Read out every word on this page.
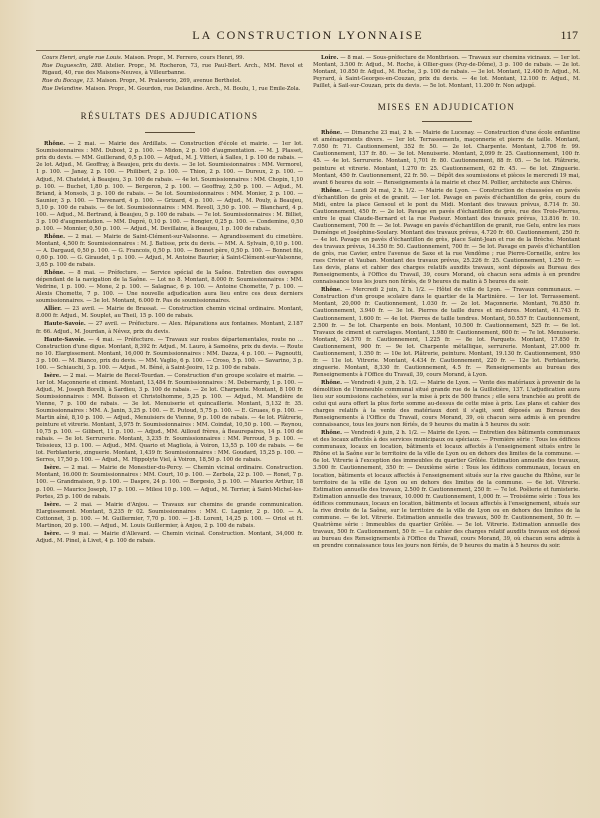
LA CONSTRUCTION LYONNAISE	117

Cours Henri, angle rue Louis. Maison. Propr., M. Ferrero, cours Henri, 99.

Rue Duguesclin, 288. Atelier. Propr., M. Rocheron, 73, rue Paul-Bert. Arch., MM. Revol et Rigaud, 40, rue des Maisons-Neuves, à Villeurbanne.

Rue du Bocage, 13. Maison. Propr., M. Pralavorio, 269, avenue Berthelot.

Rue Delandine. Maison. Propr., M. Gourdon, rue Delandine. Arch., M. Boulu, 1, rue Emile-Zola.

RÉSULTATS DES ADJUDICATIONS

Rhône. — 2 mai. — Mairie des Ardillats. — Construction d'école et mairie. — 1er lot. Soumissionnaires : MM. Dubost, 2 p. 100. — Midon, 2 p. 100 d'augmentation. — M. J. Plasset, prix du devis. — MM. Guillerand, 0,5 p.100. — Adjud., M. J. Vitteri, à Salles, 1 p. 100 de rabais. — 2e lot. Adjud., M. Geoffray, à Beaujeu, prix du devis. — 3e lot. Soumissionnaires : MM. Vermorel, 1 p. 100. — Janay, 2 p. 100. — Philibert, 2 p. 100. — Thion, 2 p. 100. — Dureux, 2 p. 100. — Adjud., M. Chatelet, à Beaujeu, 3 p. 100 de rabais. — 4e lot. Soumissionnaires : MM. Chopin, 1,10 p. 100. — Buchet, 1,80 p. 100. — Bergeron, 2 p. 100. — Geoffray, 2,50 p. 100. — Adjud., M. Briand, à Monsols, 3 p. 100 de rabais. — 5e lot. Soumissionnaires : MM. Monier, 2 p. 100. — Saunier, 3 p. 100. — Thevenard, 4 p. 100. — Grizard, 4 p. 100. — Adjud., M. Pouly, à Beaujeu, 5,10 p. 100 de rabais. — 6e lot. Soumissionnaires : MM. Revoll, 3,50 p. 100. — Blanchard, 4 p. 100. — Adjud., M. Bertrand, à Beaujeu, 5 p. 100 de rabais. — 7e lot. Soumissionnaires : M. Billiet, 3 p. 100 d'augmentation. — MM. Dupré, 0,10 p. 100. — Rongier, 0,25 p. 100. — Condemine, 0,50 p. 100. — Monnier, 0,50 p. 100. — Adjud., M. Devillaine, à Beaujeu, 1 p. 100 de rabais.

Rhône. — 2 mai. — Mairie de Saint-Clément-sur-Valsonne. — Agrandissement du cimetière. Montant, 4,500 fr. Soumissionnaires : M. J. Batisse, prix du devis. — MM. A. Sylvain, 0,10 p. 100. — A. Dargaud, 0,50 p. 100. — G. Francois, 0,50 p. 100. — Bonnet père, 0,50 p. 100. — Bonnet fils, 0,60 p. 100. — G. Giraudet, 1 p. 100. — Adjud., M. Antoine Baurier, à Saint-Clément-sur-Valsonne, 3,65 p. 100 de rabais.

Rhône. — 8 mai. — Préfecture. — Service spécial de la Saône. Entretien des ouvrages dépendant de la navigation de la Saône. — Lot no 8. Montant, 8.000 fr. Soumissionnaires : MM. Vedrine, 1 p. 100. — Mone, 2 p. 100. — Salagnac, 6 p. 100. — Antoine Chomette, 7 p. 100. — Alexis Chomette, 7 p. 100. — Une nouvelle adjudication aura lieu entre ces deux derniers soumissionnaires. — 3e lot. Montant, 6.000 fr. Pas de soumissionnaires.

Allier. — 23 avril. — Mairie de Brassat. — Construction chemin vicinal ordinaire. Montant, 8.000 fr. Adjud., M. Souplet, au Theil, 15 p. 100 de rabais.

Haute-Savoie. — 27 avril. — Préfecture. — Alex. Réparations aux fontaines. Montant, 2.187 fr. 66. Adjud., M. Jourdan, à Névez, prix du devis.

Haute-Savoie. — 4 mai. — Préfecture. — Travaux sur routes départementales, route no ... Construction d'une digue. Montant, 8,392 fr. Adjud., M. Lauro, à Samoëns, prix du devis. — Route no 10. Elargissement. Montant, 16,000 fr. Soumissionnaires : MM. Dazza, 4 p. 100. — Pagnoutti, 3 p. 100. — M. Bianco, prix du devis. — MM. Vaglio, 6 p. 100. — Croso, 5 p. 100. — Savarino, 3 p. 100. — Schiauchi, 3 p. 100. — Adjud., M. Béné, à Saint-Jeoire, 12 p. 100 de rabais.

Isère. — 2 mai. — Mairie de Recel-Tourdan. — Construction d'un groupe scolaire et mairie. — 1er lot. Maçonnerie et ciment. Montant, 13,484 fr. Soumissionnaires : M. Debernardy, 1 p. 100. — Adjud., M. Joseph Borelli, à Sardieu, 3 p. 100 de rabais. — 2e lot. Charpente. Montant, 8 100 fr. Soumissionnaires : MM. Buisson et Christolhomme, 5,25 p. 100. — Adjud., M. Mandière de Vienne, 7 p. 100 de rabais. — 3e lot. Menuiserie et quincaillerie. Montant, 5,132 fr. 35. Soumissionnaires : MM. A. Janin, 3,25 p. 100. — E. Putoud, 5,75 p. 100. — E. Gruaes, 6 p. 100. — Martin aîné, 8,10 p. 100. — Adjud., Menuisiers de Vienne, 9 p. 100 de rabais. — 4e lot. Plâtrerie, peinture et vitrerie. Montant, 3,975 fr. Soumissionnaires : MM. Coindat, 10,50 p. 100. — Reynou, 10,75 p. 100. — Gilibert, 11 p. 100. — Adjud., MM. Ailloud frères, à Beaurepaires, 14 p. 100 de rabais. — 5e lot. Serrurerie. Montant, 3,235 fr. Soumissionnaires : MM. Perroud, 5 p. 100. — Teissieux, 13 p. 100. — Adjud., MM. Quario et Magliola, à Voiron, 13,55 p. 100 de rabais. — 6e lot. Ferblanterie, zinguerie. Montant, 1,439 fr. Soumissionnaires : MM. Goudard, 15,25 p. 100. — Serres, 17,50 p. 100. — Adjud., M. Hippolyte Viel, à Voiron, 18,50 p. 100 de rabais.

Isère. — 2 mai. — Mairie de Monestier-du-Percy. — Chemin vicinal ordinaire. Construction. Montant, 16.000 fr. Soumissionnaires : MM. Court, 10 p. 100. — Zerbola, 22 p. 100. — Ronet, 7 p. 100. — Grandmaison, 9 p. 100. — Daspre, 24 p. 100. — Borgesio, 3 p. 100. — Maurice Arthur, 18 p. 100. — Maurice Joseph, 17 p. 100. — Milesi 10 p. 100. — Adjud., M. Terrier, à Saint-Michel-les-Portes, 25 p. 100 de rabais.

Isère. — 2 mai. — Mairie d'Anjou. — Travaux sur chemins de grande communication. Elargissement. Montant, 5,235 fr 02. Soumissionnaires : MM. C. Lagnier, 2 p. 100. — A. Cottonnet, 3 p. 100. — M. Guillermier, 7,70 p. 100. — J.-B. Lorent, 14,25 p. 100. — Oriol et H. Martinon, 20 p. 100. — Adjud., M. Louis Guillermier, à Anjou, 2 p. 100 de rabais.

Isère. — 9 mai. — Mairie d'Allevard. — Chemin vicinal. Construction. Montant, 34,000 fr. Adjud., M. Pinel, à Livet, 4 p. 100 de rabais.

Loire. — 8 mai. — Sous-préfecture de Montbrison. — Travaux sur chemins vicinaux. — 1er lot. Montant, 3.500 fr. Adjud., M. Roche, à Ollier-gues (Puy-de-Dôme), 3 p. 100 de rabais. — 2e lot. Montant, 10.850 fr. Adjud., M. Roche, 3 p. 100 de rabais. — 3e lot. Montant, 12.400 fr. Adjud., M. Peyrard, à Saint-Georges-en-Couzan, prix du devis. — 4e lot. Montant, 12.100 fr. Adjud., M. Paillet, à Sail-sur-Couzan, prix du devis. — 5e lot. Montant, 11.200 fr. Non adjugé.

MISES EN ADJUDICATION

Rhône. — Dimanche 23 mai, 2 h. — Mairie de Lucenay. — Construction d'une école enfantine et aménagements divers. — 1er lot. Terrassements, maçonnerie et pierre de taille. Montant, 7.050 fr. 71. Cautionnement, 352 fr. 50. — 2e lot. Charpente. Montant, 2.706 fr. 99. Cautionnement, 137 fr. 80. — 3e lot. Menuiserie. Montant, 2,099 fr. 25. Cautionnement, 100 fr. 45. — 4e lot. Serrurerie. Montant, 1,701 fr. 80. Cautionnement, 88 fr. 05. — 5e lot. Plâtrerie, peinture et vitrerie. Montant, 1.270 fr. 25. Cautionnement, 62 fr. 45. — 6e lot. Zinguerie. Montant, 450 fr. Cautionnement, 22 fr. 50. — Dépôt des soumissions et pièces le mercredi 19 mai, avant 6 heures du soir. — Renseignements à la mairie et chez M. Pollier, architecte aux Chères.

Rhône. — Lundi 24 mai, 2 h. 1/2. — Mairie de Lyon. — Construction de chaussées en pavés d'échantillon de grès et de granit. — 1er lot. Pavage en pavés d'échantillon de grès, cours du Midi, entre la place Gensoul et le pont du Midi. Montant des travaux prévus, 8.714 fr. 30. Cautionnement, 450 fr. — 2e lot. Pavage en pavés d'échantillon de grès, rue des Trois-Pierres, entre le quai Claude-Bernard et la rue Pasteur. Montant des travaux prévus, 13.816 fr. 10. Cautionnement, 700 fr. — 3e lot. Pavage en pavés d'échantillon de granit, rue Gelu, entre les rues Duménge et Joséphine-Soulary. Montant des travaux prévus, 4.720 fr. 60. Cautionnement, 250 fr. — 4e lot. Pavage en pavés d'échantillon de grès, place Saint-Jean et rue de la Brèche. Montant des travaux prévus, 14.350 fr. 50. Cautionnement, 700 fr. — 5e lot. Pavage en pavés d'échantillon de grès, rue Cavier, entre l'avenue de Saxe et la rue Vendôme ; rue Pierre-Corneille, entre les rues Crivier et Vauban. Montant des travaux prévus, 25.226 fr. 25. Cautionnement, 1.250 fr. — Les devis, plans et cahier des charges relatifs auxdits travaux, sont déposés au Bureau des Renseignements, à l'Office du Travail, 39, cours Morand, où chacun sera admis à en prendre connaissance tous les jours non fériés, de 9 heures du matin à 5 heures du soir.

Rhône. — Mercredi 2 juin, 2 h. 1/2. — Hôtel de ville de Lyon. — Travaux communaux. — Construction d'un groupe scolaire dans le quartier de la Martinière. — 1er lot. Terrassement. Montant, 20,000 fr. Cautionnement, 1.030 fr. — 2e lot. Maçonnerie. Montant, 76.850 fr. Cautionnement, 3.940 fr. — 3e lot. Pierres de taille dures et mi-dures. Montant, 41.743 fr. Cautionnement, 1.600 fr. — 4e lot. Pierres de taille tendres. Montant, 50.557 fr. Cautionnement, 2.500 fr. — 5e lot. Charpente en bois. Montant, 10.500 fr. Cautionnement, 525 fr. — 6e lot. Travaux de ciment et carrelages. Montant, 1.980 fr. Cautionnement, 600 fr. — 7e lot. Menuiserie. Montant, 24.570 fr. Cautionnement, 1.225 fr. — 8e lot. Parquets. Montant, 17.850 fr. Cautionnement, 900 fr. — 9e lot. Charpente métallique, serrurerie. Montant, 27.000 fr. Cautionnement, 1.350 fr. — 10e lot. Plâtrerie, peinture. Montant, 19.130 fr. Cautionnement, 950 fr. — 11e lot. Vitrerie. Montant, 4.434 fr. Cautionnement, 220 fr. — 12e lot. Ferblanterie, zinguerie. Montant, 8,330 fr. Cautionnement, 4.5 fr. — Renseignements au bureau des Renseignements à l'Office du Travail, 39, cours Morand, à Lyon.

Rhône. — Vendredi 4 juin, 2 h. 1/2. — Mairie de Lyon. — Vente des matériaux à provenir de la démolition de l'immeuble communal situé grande rue de la Guillotière, 137. L'adjudication aura lieu sur soumissions cachetées, sur la mise à prix de 500 francs ; elle sera tranchée au profit de celui qui aura offert la plus forte somme au-dessus de cette mise à prix. Les plans et cahier des charges relatifs à la vente des matériaux dont il s'agit, sont déposés au Bureau des Renseignements à l'Office du Travail, cours Morand, 39, où chacun sera admis à en prendre connaissance, tous les jours non fériés, de 9 heures du matin à 5 heures du soir.

Rhône. — Vendredi 4 juin, 2 h. 1/2. — Mairie de Lyon. — Entretien des bâtiments communaux et des locaux affectés à des services municipaux ou spéciaux. — Première série : Tous les édifices communaux, locaux en location, bâtiments et locaux affectés à l'enseignement situés entre le Rhône et la Saône sur le territoire de la ville de Lyon ou en dehors des limites de la commune. — 6e lot. Vitrerie à l'exception des immeubles du quartier Grôlée. Estimation annuelle des travaux, 3.500 fr. Cautionnement, 350 fr. — Deuxième série : Tous les édifices communaux, locaux en location, bâtiments et locaux affectés à l'enseignement situés sur la rive gauche du Rhône, sur le territoire de la ville de Lyon ou en dehors des limites de la commune. — 6e lot. Vitrerie. Estimation annuelle des travaux, 2.500 fr. Cautionnement, 250 fr. — 7e lot. Poêlerie et fumisterie. Estimation annuelle des travaux, 10.000 fr. Cautionnement, 1,000 fr. — Troisième série : Tous les édifices communaux, locaux en location, bâtiments et locaux affectés à l'enseignement, situés sur la rive droite de la Saône, sur le territoire de la ville de Lyon ou en dehors des limites de la commune. — 6e lot. Vitrerie. Estimation annuelle des travaux, 500 fr. Cautionnement, 50 fr. — Quatrième série : Immeubles du quartier Grôlée. — 5e lot. Vitrerie. Estimation annuelle des travaux, 500 fr. Cautionnement, 50 fr. — Le cahier des charges relatif auxdits travaux est déposé au bureau des Renseignements à l'Office du Travail, cours Morand, 39, où chacun sera admis à en prendre connaissance tous les jours non fériés, de 9 heures du matin à 5 heures du soir.
